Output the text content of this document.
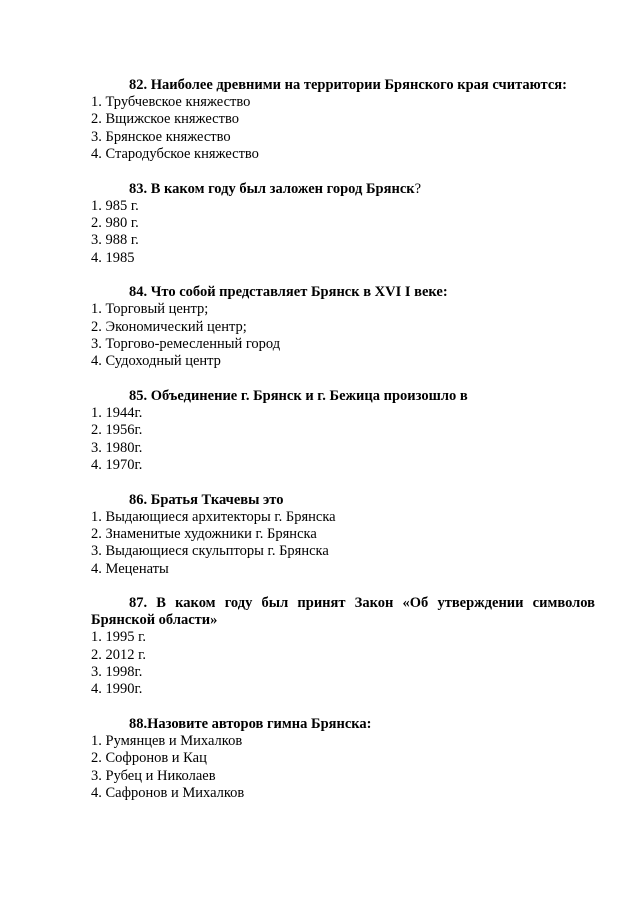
82. Наиболее древними на территории Брянского края считаются:

1. Трубчевское княжество
2. Вщижское княжество
3. Брянское княжество
4. Стародубское княжество

83. В каком году был заложен город Брянск?

1. 985 г.
2. 980 г.
3. 988 г.
4. 1985

84. Что собой представляет Брянск в XVI I веке:

1. Торговый центр;
2. Экономический центр;
3. Торгово-ремесленный город
4. Судоходный центр

85. Объединение г. Брянск и г. Бежица произошло в

1. 1944г.
2. 1956г.
3. 1980г.
4. 1970г.

86. Братья Ткачевы это

1. Выдающиеся архитекторы г. Брянска
2. Знаменитые художники г. Брянска
3. Выдающиеся скульпторы г. Брянска
4. Меценаты

87. В каком году был принят Закон «Об утверждении символов Брянской области»

1. 1995 г.
2. 2012 г.
3. 1998г.
4. 1990г.

88.Назовите авторов гимна Брянска:

1. Румянцев и Михалков
2. Софронов и Кац
3. Рубец и Николаев
4. Сафронов и Михалков
